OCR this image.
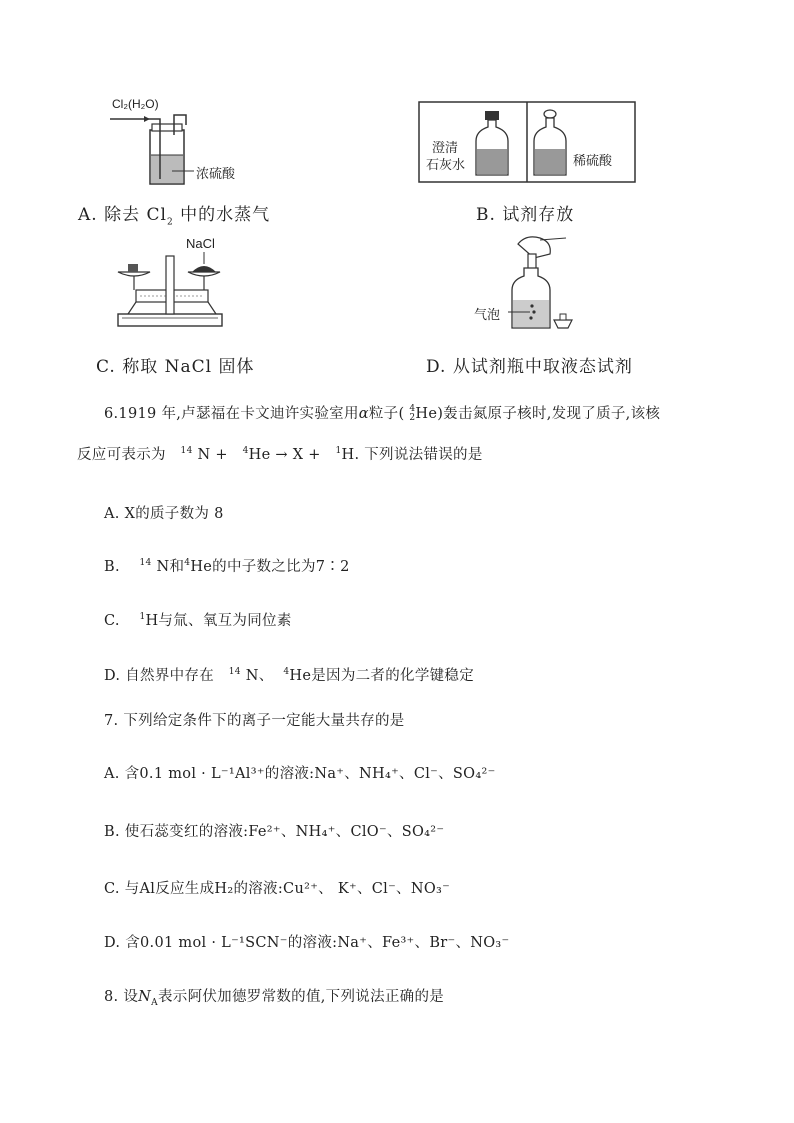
Cl₂(H₂O)
浓硫酸
A. 除去 $Cl_2$ 中的水蒸气
澄清
石灰水	稀硫酸
B. 试剂存放
NaCl
C. 称取 NaCl 固体
气泡
D. 从试剂瓶中取液态试剂
6.1919 年,卢瑟福在卡文迪许实验室用α粒子( 4
2He)轰击氮原子核时,发现了质子,该核
反应可表示为 $^{14}$ N +   $^4$He → X +   $^1$H. 下列说法错误的是
A. X的质子数为 8
B. $^{14}$ N和$^4$He的中子数之比为7∶2
C. $^1$H与氚、氧互为同位素
D. 自然界中存在 $^{14}$ N、 $^4$He是因为二者的化学键稳定
7. 下列给定条件下的离子一定能大量共存的是
A. 含0.1 mol · L⁻¹Al³⁺的溶液:Na⁺、NH₄⁺、Cl⁻、SO₄²⁻
B. 使石蕊变红的溶液:Fe²⁺、NH₄⁺、ClO⁻、SO₄²⁻
C. 与Al反应生成H₂的溶液:Cu²⁺、 K⁺、Cl⁻、NO₃⁻
D. 含0.01 mol · L⁻¹SCN⁻的溶液:Na⁺、Fe³⁺、Br⁻、NO₃⁻
8. 设$N_A$表示阿伏加德罗常数的值,下列说法正确的是
